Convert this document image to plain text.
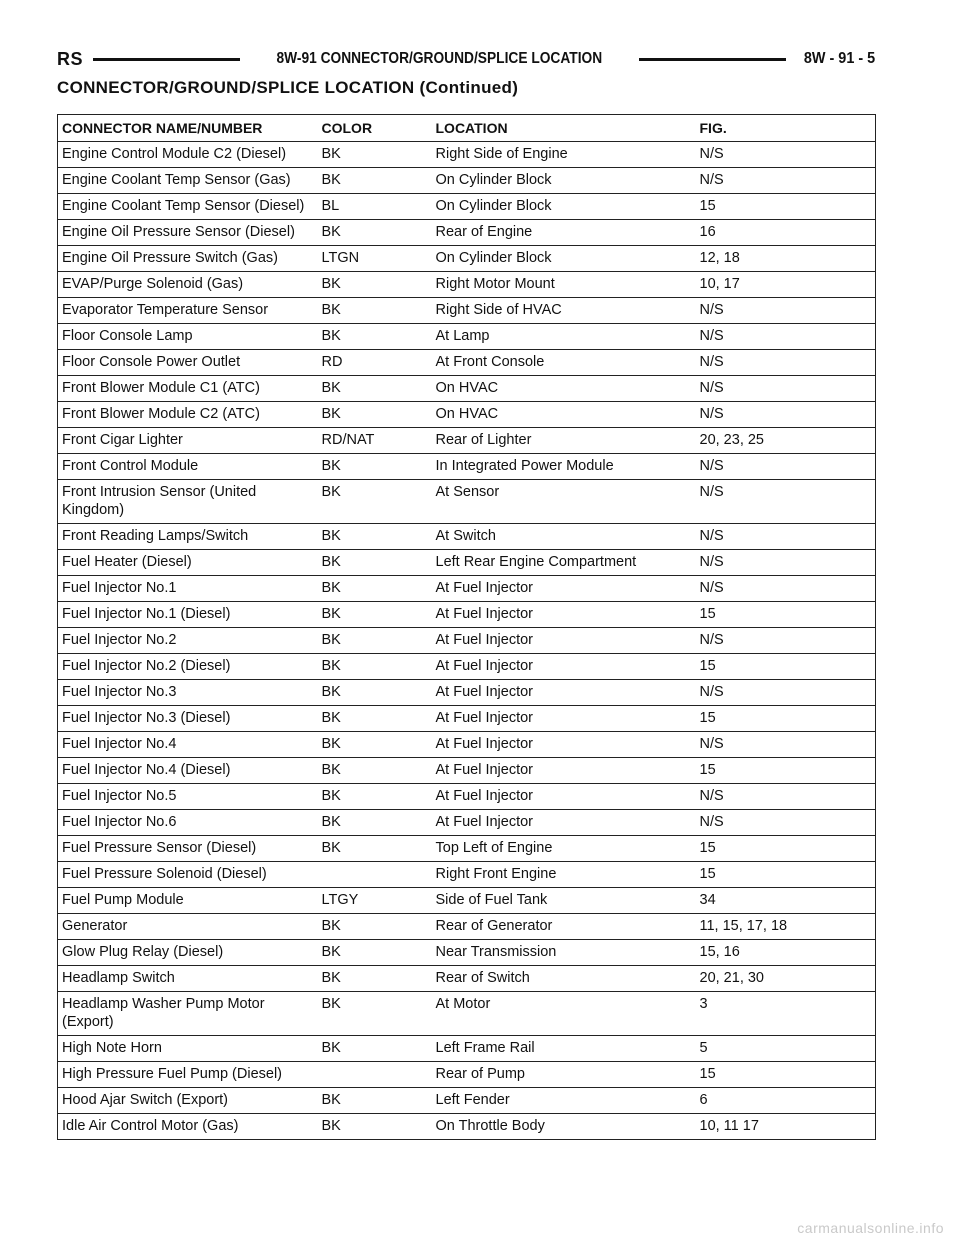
RS	8W-91 CONNECTOR/GROUND/SPLICE LOCATION	8W - 91 - 5
CONNECTOR/GROUND/SPLICE LOCATION (Continued)
CONNECTOR NAME/NUMBER	COLOR	LOCATION	FIG.
Engine Control Module C2 (Diesel)	BK	Right Side of Engine	N/S
Engine Coolant Temp Sensor (Gas)	BK	On Cylinder Block	N/S
Engine Coolant Temp Sensor (Diesel)	BL	On Cylinder Block	15
Engine Oil Pressure Sensor (Diesel)	BK	Rear of Engine	16
Engine Oil Pressure Switch (Gas)	LTGN	On Cylinder Block	12, 18
EVAP/Purge Solenoid (Gas)	BK	Right Motor Mount	10, 17
Evaporator Temperature Sensor	BK	Right Side of HVAC	N/S
Floor Console Lamp	BK	At Lamp	N/S
Floor Console Power Outlet	RD	At Front Console	N/S
Front Blower Module C1 (ATC)	BK	On HVAC	N/S
Front Blower Module C2 (ATC)	BK	On HVAC	N/S
Front Cigar Lighter	RD/NAT	Rear of Lighter	20, 23, 25
Front Control Module	BK	In Integrated Power Module	N/S
Front Intrusion Sensor (United Kingdom)	BK	At Sensor	N/S
Front Reading Lamps/Switch	BK	At Switch	N/S
Fuel Heater (Diesel)	BK	Left Rear Engine Compartment	N/S
Fuel Injector No.1	BK	At Fuel Injector	N/S
Fuel Injector No.1 (Diesel)	BK	At Fuel Injector	15
Fuel Injector No.2	BK	At Fuel Injector	N/S
Fuel Injector No.2 (Diesel)	BK	At Fuel Injector	15
Fuel Injector No.3	BK	At Fuel Injector	N/S
Fuel Injector No.3 (Diesel)	BK	At Fuel Injector	15
Fuel Injector No.4	BK	At Fuel Injector	N/S
Fuel Injector No.4 (Diesel)	BK	At Fuel Injector	15
Fuel Injector No.5	BK	At Fuel Injector	N/S
Fuel Injector No.6	BK	At Fuel Injector	N/S
Fuel Pressure Sensor (Diesel)	BK	Top Left of Engine	15
Fuel Pressure Solenoid (Diesel)		Right Front Engine	15
Fuel Pump Module	LTGY	Side of Fuel Tank	34
Generator	BK	Rear of Generator	11, 15, 17, 18
Glow Plug Relay (Diesel)	BK	Near Transmission	15, 16
Headlamp Switch	BK	Rear of Switch	20, 21, 30
Headlamp Washer Pump Motor (Export)	BK	At Motor	3
High Note Horn	BK	Left Frame Rail	5
High Pressure Fuel Pump (Diesel)		Rear of Pump	15
Hood Ajar Switch (Export)	BK	Left Fender	6
Idle Air Control Motor (Gas)	BK	On Throttle Body	10, 11 17
carmanualsonline.info
